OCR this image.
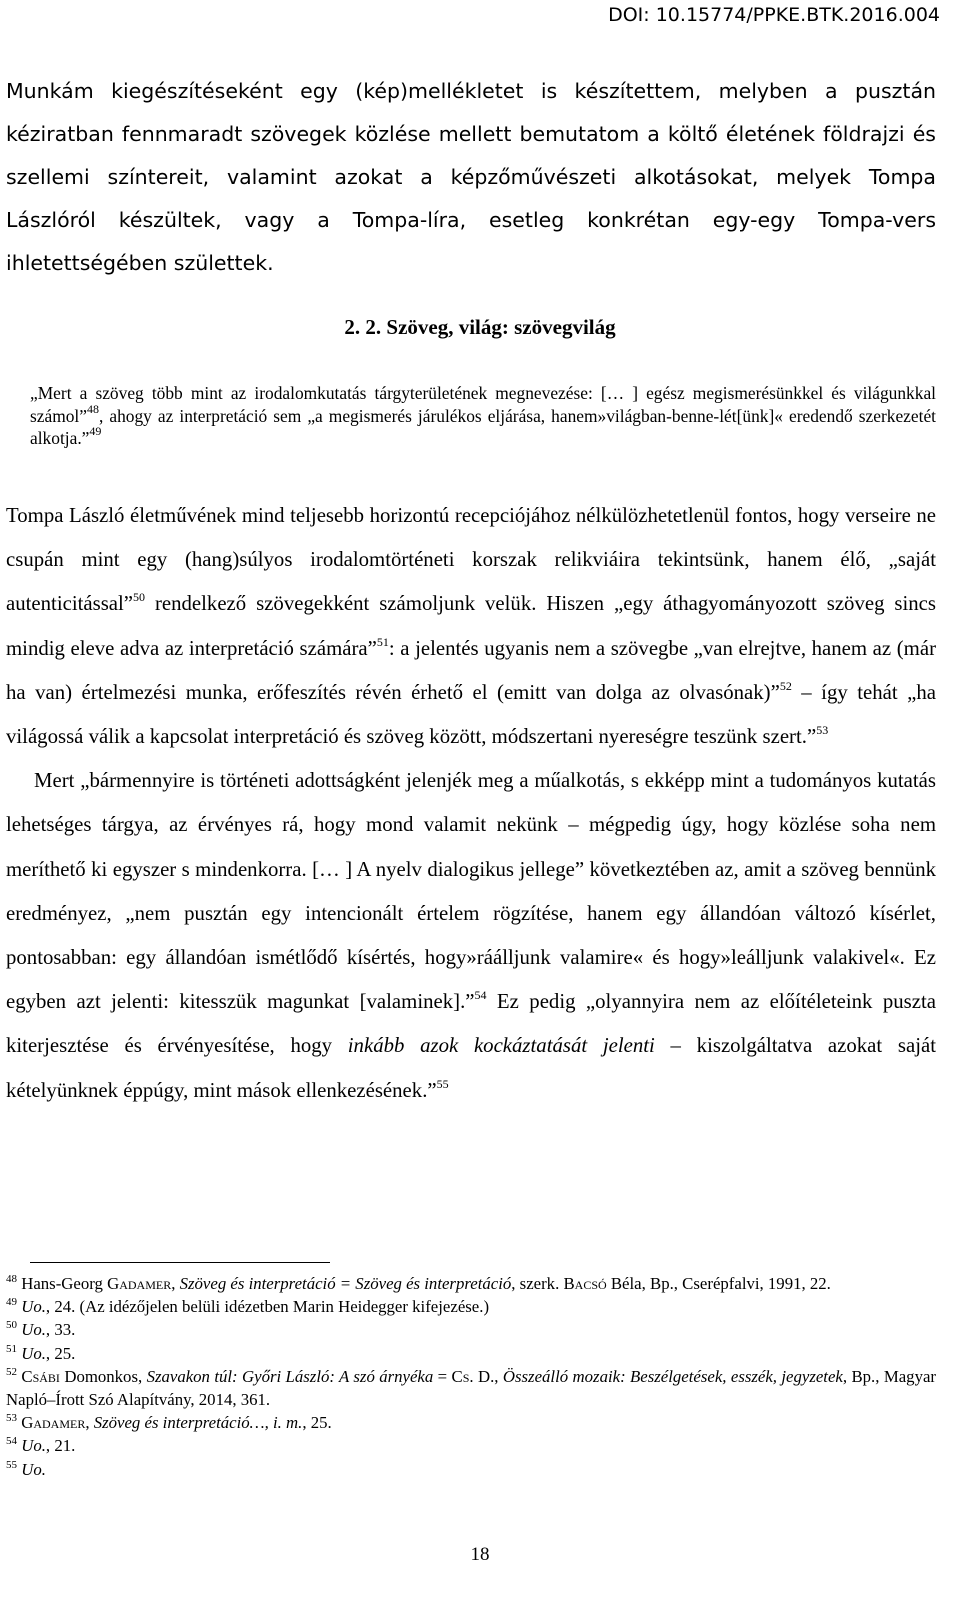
DOI: 10.15774/PPKE.BTK.2016.004
Munkám kiegészítéseként egy (kép)mellékletet is készítettem, melyben a pusztán kéziratban fennmaradt szövegek közlése mellett bemutatom a költő életének földrajzi és szellemi színtereit, valamint azokat a képzőművészeti alkotásokat, melyek Tompa Lászlóról készültek, vagy a Tompa-líra, esetleg konkrétan egy-egy Tompa-vers ihletettségében születtek.
2. 2. Szöveg, világ: szövegvilág
„Mert a szöveg több mint az irodalomkutatás tárgyterületének megnevezése: [… ] egész megismerésünkkel és világunkkal számol”$^{48}$, ahogy az interpretáció sem „a megismerés járulékos eljárása, hanem»világban-benne-lét[ünk]« eredendő szerkezetét alkotja.”$^{49}$

Tompa László életművének mind teljesebb horizontú recepciójához nélkülözhetetlenül fontos, hogy verseire ne csupán mint egy (hang)súlyos irodalomtörténeti korszak relikviáira tekintsünk, hanem élő, „saját autenticitással”$^{50}$ rendelkező szövegekként számoljunk velük. Hiszen „egy áthagyományozott szöveg sincs mindig eleve adva az interpretáció számára”$^{51}$: a jelentés ugyanis nem a szövegbe „van elrejtve, hanem az (már ha van) értelmezési munka, erőfeszítés révén érhető el (emitt van dolga az olvasónak)”$^{52}$ – így tehát „ha világossá válik a kapcsolat interpretáció és szöveg között, módszertani nyereségre teszünk szert.”$^{53}$

Mert „bármennyire is történeti adottságként jelenjék meg a műalkotás, s ekképp mint a tudományos kutatás lehetséges tárgya, az érvényes rá, hogy mond valamit nekünk – mégpedig úgy, hogy közlése soha nem meríthető ki egyszer s mindenkorra. [… ] A nyelv dialogikus jellege” következtében az, amit a szöveg bennünk eredményez, „nem pusztán egy intencionált értelem rögzítése, hanem egy állandóan változó kísérlet, pontosabban: egy állandóan ismétlődő kísértés, hogy»ráálljunk valamire« és hogy»leálljunk valakivel«. Ez egyben azt jelenti: kitesszük magunkat [valaminek].”$^{54}$ Ez pedig „olyannyira nem az előítéleteink puszta kiterjesztése és érvényesítése, hogy inkább azok kockáztatását jelenti – kiszolgáltatva azokat saját kételyünknek éppúgy, mint mások ellenkezésének.”$^{55}$

$^{48}$ Hans-Georg Gadamer, Szöveg és interpretáció = Szöveg és interpretáció, szerk. Bacsó Béla, Bp., Cserépfalvi, 1991, 22.

$^{49}$ Uo., 24. (Az idézőjelen belüli idézetben Marin Heidegger kifejezése.)

$^{50}$ Uo., 33.

$^{51}$ Uo., 25.

$^{52}$ Csábi Domonkos, Szavakon túl: Győri László: A szó árnyéka = Cs. D., Összeálló mozaik: Beszélgetések, esszék, jegyzetek, Bp., Magyar Napló–Írott Szó Alapítvány, 2014, 361.

$^{53}$ Gadamer, Szöveg és interpretáció…, i. m., 25.

$^{54}$ Uo., 21.

$^{55}$ Uo.

18
